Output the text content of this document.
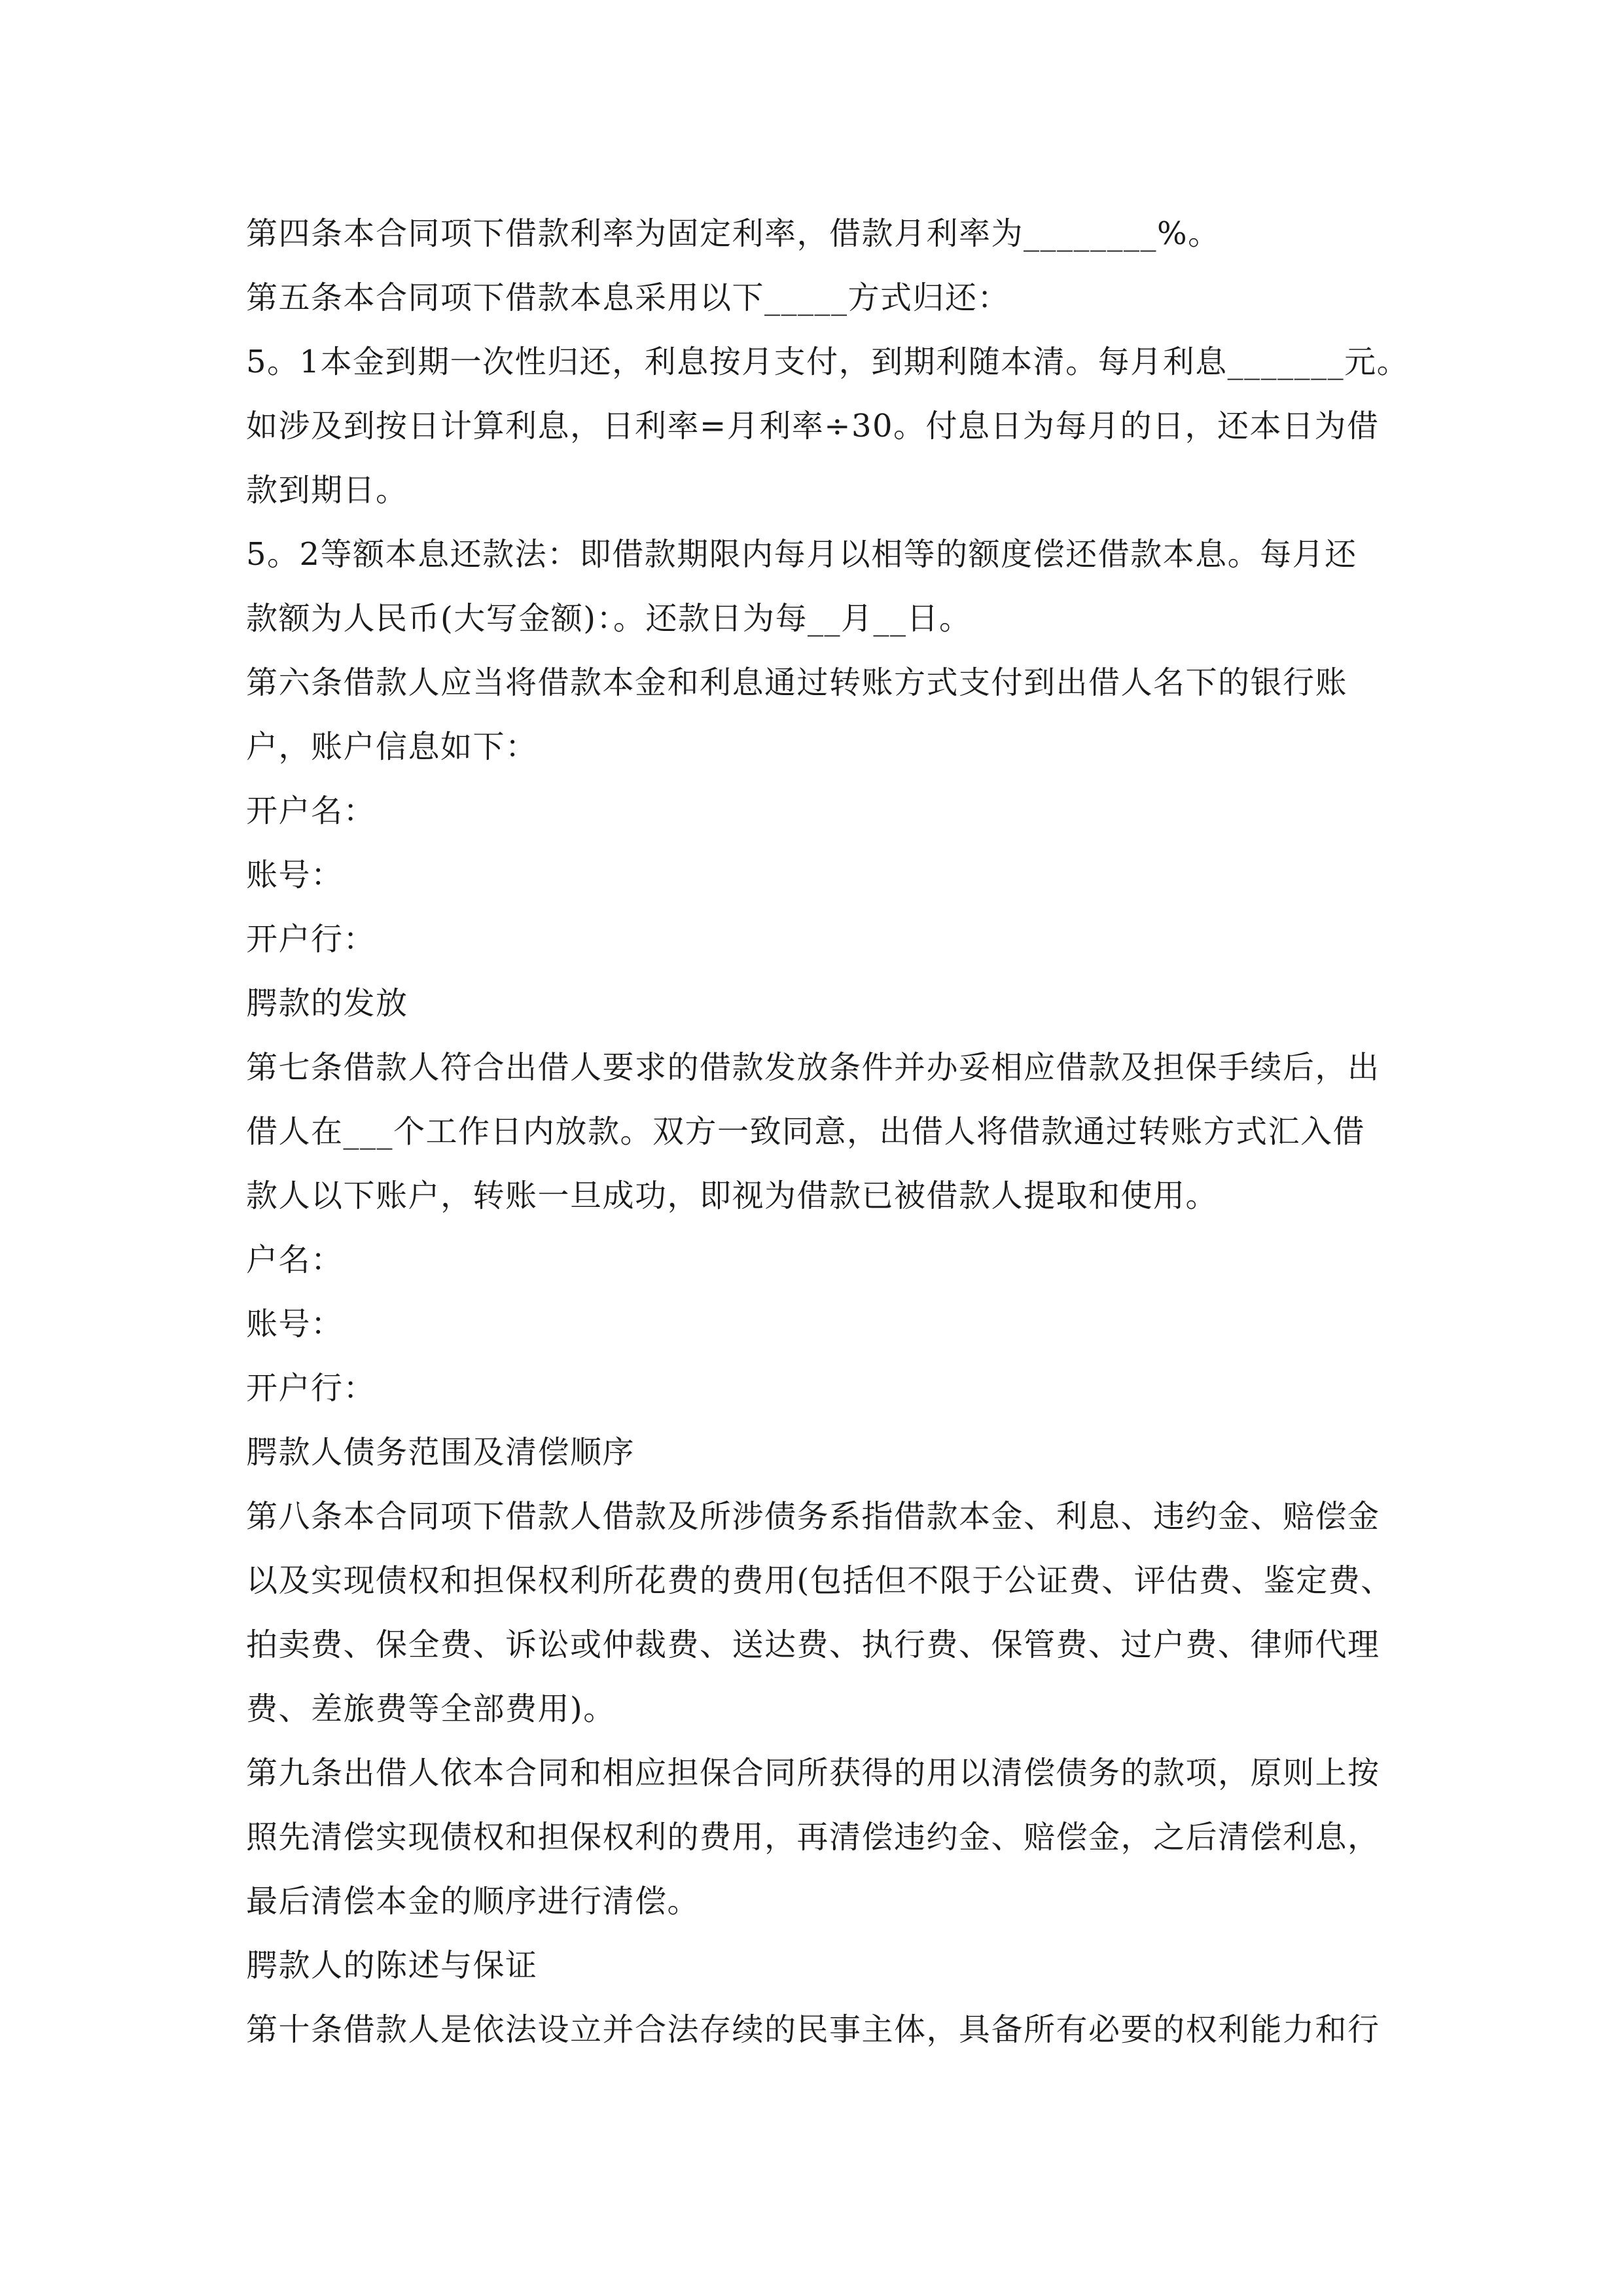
第四条本合同项下借款利率为固定利率，借款月利率为________%。
第五条本合同项下借款本息采用以下_____方式归还：
5。1本金到期一次性归还，利息按月支付，到期利随本清。每月利息_______元。
如涉及到按日计算利息，日利率=月利率÷30。付息日为每月的日，还本日为借
款到期日。
5。2等额本息还款法：即借款期限内每月以相等的额度偿还借款本息。每月还
款额为人民币(大写金额)：。还款日为每__月__日。
第六条借款人应当将借款本金和利息通过转账方式支付到出借人名下的银行账
户，账户信息如下：
开户名：
账号：
开户行：
腭款的发放
第七条借款人符合出借人要求的借款发放条件并办妥相应借款及担保手续后，出
借人在___个工作日内放款。双方一致同意，出借人将借款通过转账方式汇入借
款人以下账户，转账一旦成功，即视为借款已被借款人提取和使用。
户名：
账号：
开户行：
腭款人债务范围及清偿顺序
第八条本合同项下借款人借款及所涉债务系指借款本金、利息、违约金、赔偿金
以及实现债权和担保权利所花费的费用(包括但不限于公证费、评估费、鉴定费、
拍卖费、保全费、诉讼或仲裁费、送达费、执行费、保管费、过户费、律师代理
费、差旅费等全部费用)。
第九条出借人依本合同和相应担保合同所获得的用以清偿债务的款项，原则上按
照先清偿实现债权和担保权利的费用，再清偿违约金、赔偿金，之后清偿利息，
最后清偿本金的顺序进行清偿。
腭款人的陈述与保证
第十条借款人是依法设立并合法存续的民事主体，具备所有必要的权利能力和行
